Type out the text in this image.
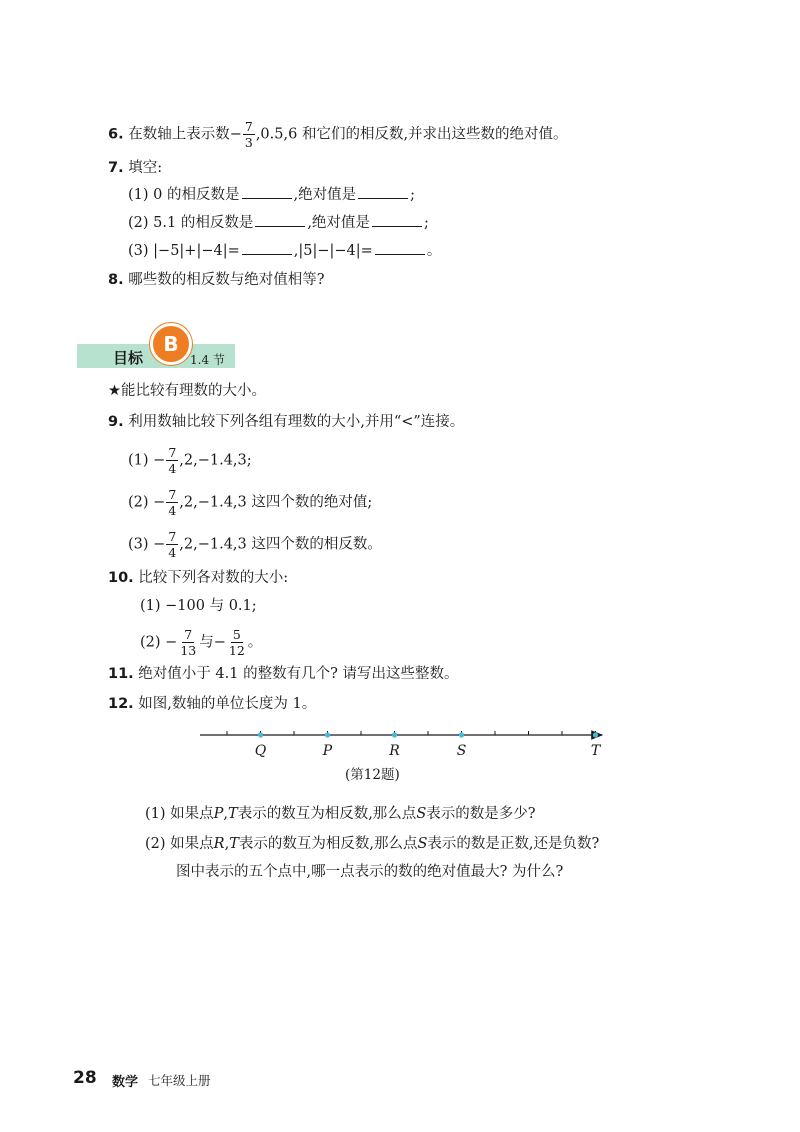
6. 在数轴上表示数− $\frac{7}{3} ,0.5,6$ 和它们的相反数,并求出这些数的绝对值。
7. 填空:
(1) 0 的相反数是	,绝对值是	;
(2) 5.1 的相反数是	,绝对值是	;
(3) |−5|+|−4|=	,|5|−|−4|=	。
8. 哪些数的相反数与绝对值相等?
目标
B
1.4 节
★能比较有理数的大小。
9. 利用数轴比较下列各组有理数的大小,并用“<”连接。
$(1) - \frac{7}{4} ,2,-1.4,3$;
$(2) - \frac{7}{4} ,2,-1.4,3$ 这四个数的绝对值;
$(3) - \frac{7}{4} ,2,-1.4,3$ 这四个数的相反数。
10. 比较下列各对数的大小:
(1) −100 与 0.1;
$(2) - \frac{7}{13}$ 与− $\frac{5}{12}$ 。
11. 绝对值小于 4.1 的整数有几个? 请写出这些整数。
12. 如图,数轴的单位长度为 1。
Q	P	R	S	T
(第12题)
(1) 如果点P,T表示的数互为相反数,那么点S表示的数是多少?
(2) 如果点R,T表示的数互为相反数,那么点S表示的数是正数,还是负数?
图中表示的五个点中,哪一点表示的数的绝对值最大? 为什么?
28 数学 七年级上册
